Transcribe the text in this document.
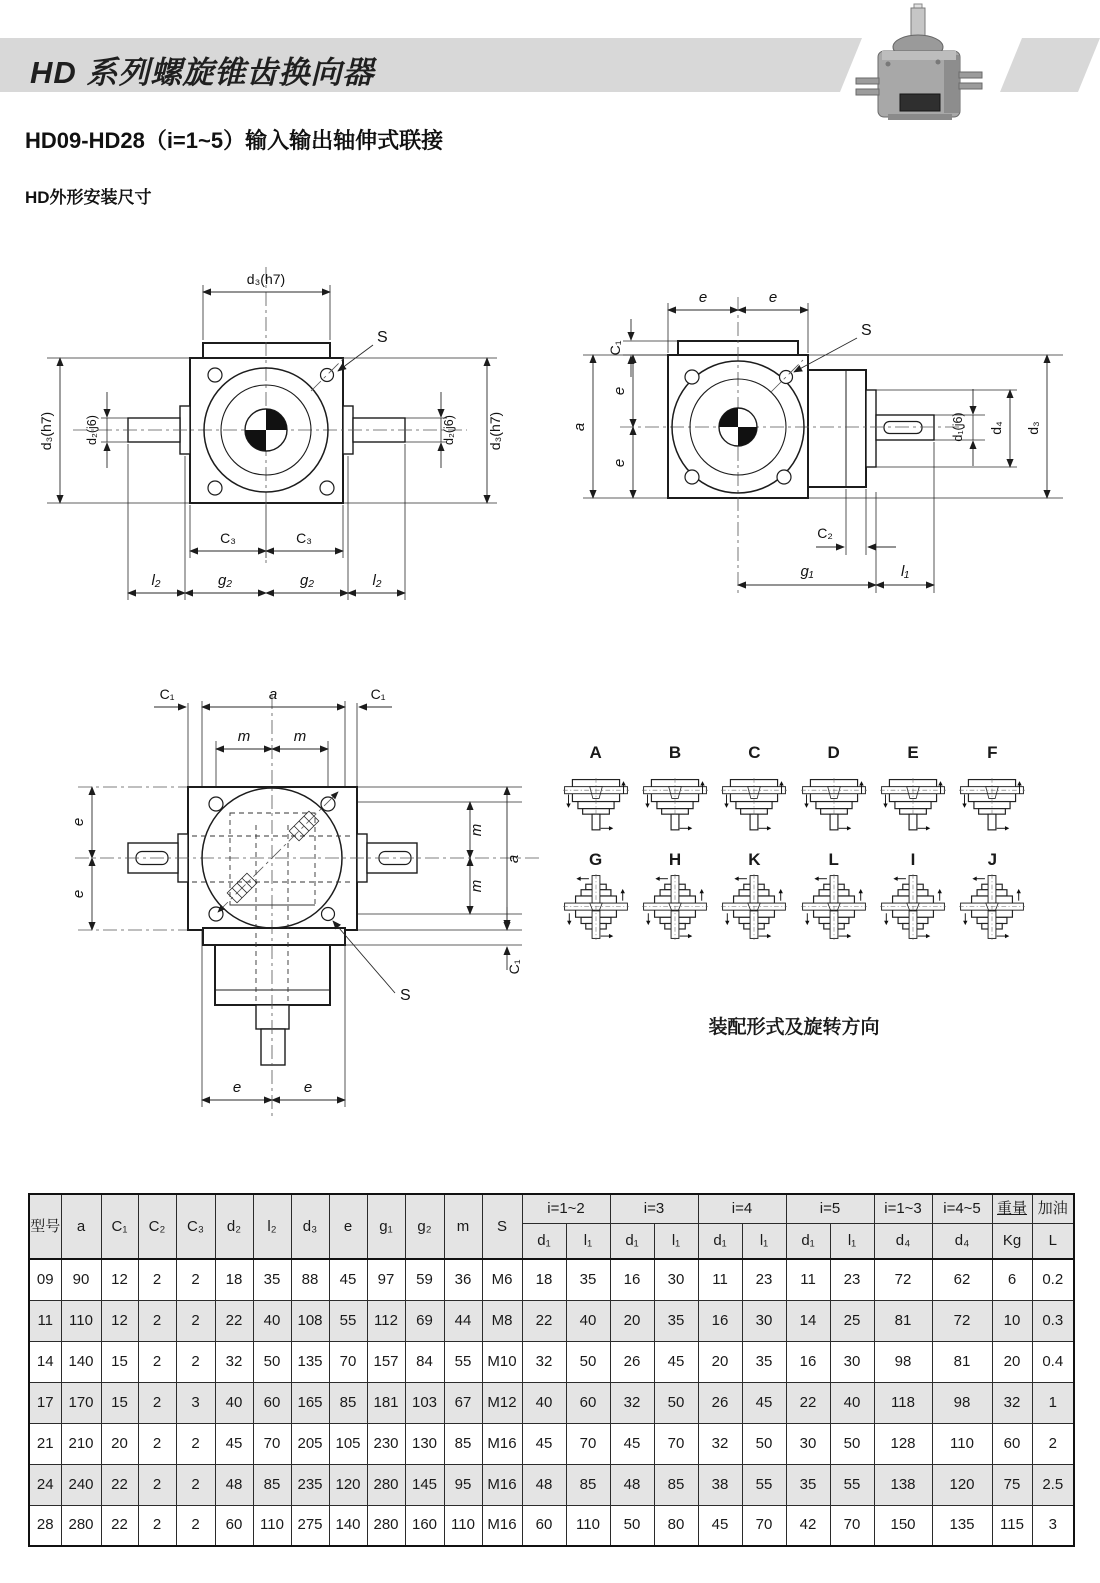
HD 系列螺旋锥齿换向器
HD09-HD28（i=1~5）输入输出轴伸式联接
HD外形安装尺寸
d₃(h7)
d₃(h7) d₂(j6)	d₂(j6) d₃(h7)
C₃	C₃
l₂	g₂	g₂	l₂
S
C₁
e	e
a
e
e
d₁(j6) d₄ d₃
C₂
g₁	l₁
S
C₁	a	C₁
m	m
e
e
m
m
a
C₁
e	e
S
A	B	C	D	E	F
G	H	K	L	I	J
装配形式及旋转方向
型号	a	C₁	C₂	C₃	d₂	l₂	d₃	e	g₁	g₂	m	S	i=1~2		i=3		i=4		i=5		i=1~3	i=4~5	重量	加油
													d₁	l₁	d₁	l₁	d₁	l₁	d₁	l₁	d₄	d₄	Kg	L
09	90	12	2	2	18	35	88	45	97	59	36	M6	18	35	16	30	11	23	11	23	72	62	6	0.2
11	110	12	2	2	22	40	108	55	112	69	44	M8	22	40	20	35	16	30	14	25	81	72	10	0.3
14	140	15	2	2	32	50	135	70	157	84	55	M10	32	50	26	45	20	35	16	30	98	81	20	0.4
17	170	15	2	3	40	60	165	85	181	103	67	M12	40	60	32	50	26	45	22	40	118	98	32	1
21	210	20	2	2	45	70	205	105	230	130	85	M16	45	70	45	70	32	50	30	50	128	110	60	2
24	240	22	2	2	48	85	235	120	280	145	95	M16	48	85	48	85	38	55	35	55	138	120	75	2.5
28	280	22	2	2	60	110	275	140	280	160	110	M16	60	110	50	80	45	70	42	70	150	135	115	3
